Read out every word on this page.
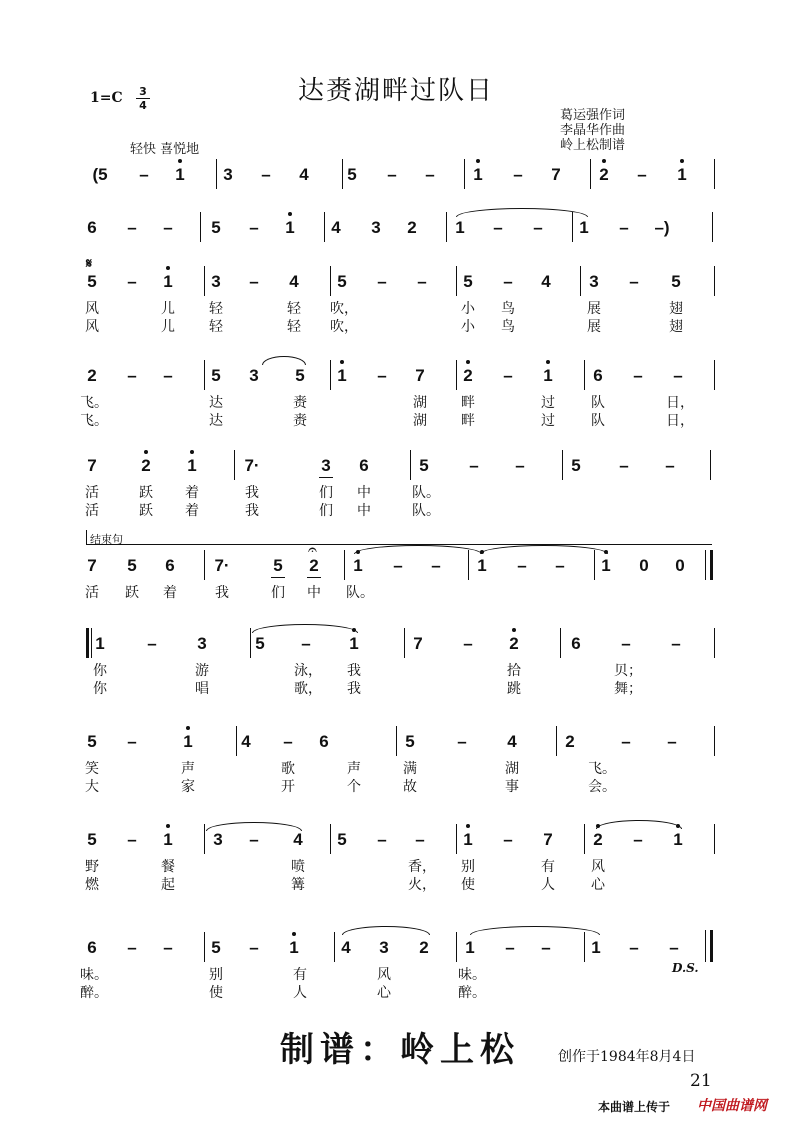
达赉湖畔过队日
1=C 3
4
葛运强作词
李晶华作曲
岭上松制谱
轻快 喜悦地
(5	–	1	3	–	4	5	–	–	1	–	7	2	–	1
6	–	–	5	–	1	4	3	2	1	–	–	1	–	–)
5	–	1	3	–	4	5	–	–	5	–	4	3	–	5
风	儿	轻	轻	吹，	小	鸟	展	翅
风	儿	轻	轻	吹，	小	鸟	展	翅
2	–	–	5	3	5	1	–	7	2	–	1	6	–	–
飞。	达	赉	湖	畔	过	队	日，
飞。	达	赉	湖	畔	过	队	日，
7	2	1	7·	3	6	5	–	–	5	–	–
活	跃	着	我	们	中	队。
活	跃	着	我	们	中	队。
7	5	6	7·	5	2	1	–	–	1	–	–	1	0	0
活	跃	着	我	们	中	队。
1	–	3	5	–	1	7	–	2	6	–	–
你	游	泳，	我	拾	贝；
你	唱	歌，	我	跳	舞；
5	–	1	4	–	6	5	–	4	2	–	–
笑	声	歌	声	满	湖	飞。
大	家	开	个	故	事	会。
5	–	1	3	–	4	5	–	–	1	–	7	2	–	1
野	餐	喷	香，	别	有	风
燃	起	篝	火，	使	人	心
6	–	–	5	–	1	4	3	2	1	–	–	1	–	–
味。	别	有	风	味。
醉。	使	人	心	醉。
𝄋
结束句
𝄐
D.S.
制谱：岭上松	创作于1984年8月4日
21
本曲谱上传于 中国曲谱网
